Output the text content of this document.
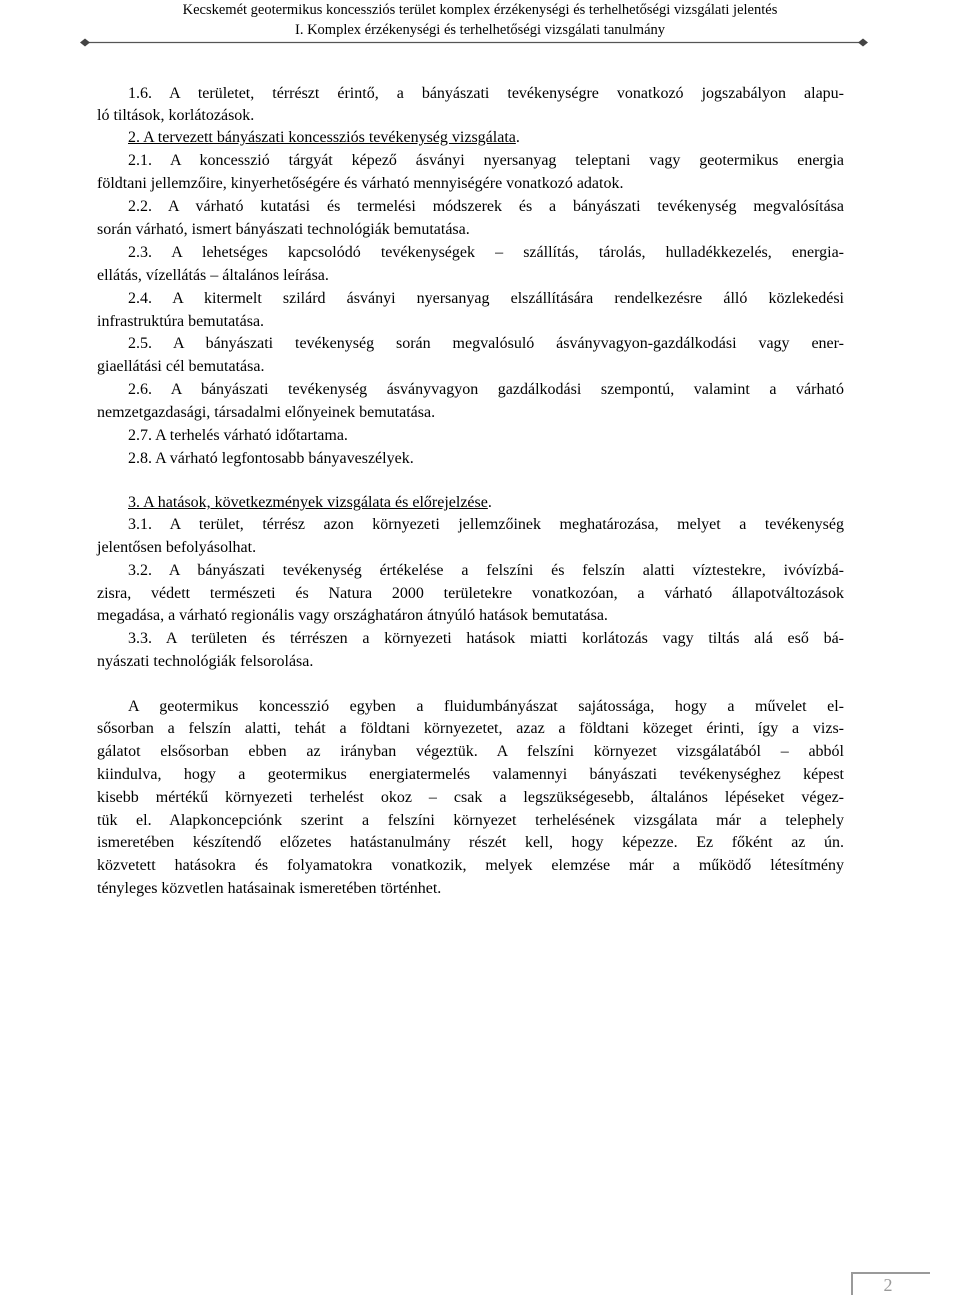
Kecskemét geotermikus koncessziós terület komplex érzékenységi és terhelhetőségi vizsgálati jelentés
I. Komplex érzékenységi és terhelhetőségi vizsgálati tanulmány
1.6. A területet, térrészt érintő, a bányászati tevékenységre vonatkozó jogszabályon alapu-
ló tiltások, korlátozások.
2. A tervezett bányászati koncessziós tevékenység vizsgálata.
2.1. A koncesszió tárgyát képező ásványi nyersanyag teleptani vagy geotermikus energia
földtani jellemzőire, kinyerhetőségére és várható mennyiségére vonatkozó adatok.
2.2. A várható kutatási és termelési módszerek és a bányászati tevékenység megvalósítása
során várható, ismert bányászati technológiák bemutatása.
2.3. A lehetséges kapcsolódó tevékenységek – szállítás, tárolás, hulladékkezelés, energia-
ellátás, vízellátás – általános leírása.
2.4. A kitermelt szilárd ásványi nyersanyag elszállítására rendelkezésre álló közlekedési
infrastruktúra bemutatása.
2.5. A bányászati tevékenység során megvalósuló ásványvagyon-gazdálkodási vagy ener-
giaellátási cél bemutatása.
2.6. A bányászati tevékenység ásványvagyon gazdálkodási szempontú, valamint a várható
nemzetgazdasági, társadalmi előnyeinek bemutatása.
2.7. A terhelés várható időtartama.
2.8. A várható legfontosabb bányaveszélyek.
3. A hatások, következmények vizsgálata és előrejelzése.
3.1. A terület, térrész azon környezeti jellemzőinek meghatározása, melyet a tevékenység
jelentősen befolyásolhat.
3.2. A bányászati tevékenység értékelése a felszíni és felszín alatti víztestekre, ivóvízbá-
zisra, védett természeti és Natura 2000 területekre vonatkozóan, a várható állapotváltozások
megadása, a várható regionális vagy országhatáron átnyúló hatások bemutatása.
3.3. A területen és térrészen a környezeti hatások miatti korlátozás vagy tiltás alá eső bá-
nyászati technológiák felsorolása.
A geotermikus koncesszió egyben a fluidumbányászat sajátossága, hogy a művelet el-
sősorban a felszín alatti, tehát a földtani környezetet, azaz a földtani közeget érinti, így a vizs-
gálatot elsősorban ebben az irányban végeztük. A felszíni környezet vizsgálatából – abból
kiindulva, hogy a geotermikus energiatermelés valamennyi bányászati tevékenységhez képest
kisebb mértékű környezeti terhelést okoz – csak a legszükségesebb, általános lépéseket végez-
tük el. Alapkoncepciónk szerint a felszíni környezet terhelésének vizsgálata már a telephely
ismeretében készítendő előzetes hatástanulmány részét kell, hogy képezze. Ez főként az ún.
közvetett hatásokra és folyamatokra vonatkozik, melyek elemzése már a működő létesítmény
tényleges közvetlen hatásainak ismeretében történhet.
2
